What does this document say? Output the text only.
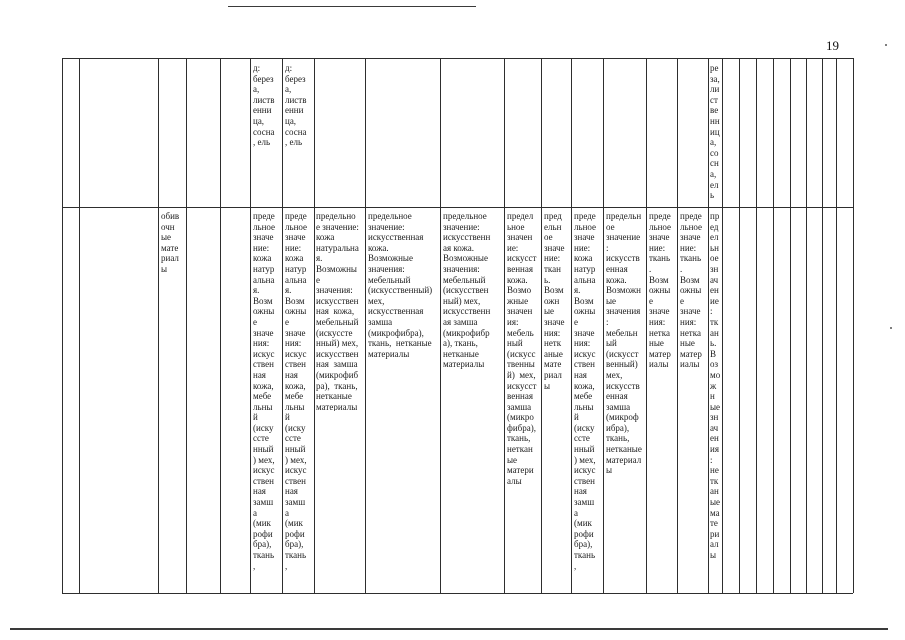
19
д:
берез
а,
листв
енни
ца,
сосна
, ель
д:
берез
а,
листв
енни
ца,
сосна
, ель
ре
за,
ли
ст
ве
нн
иц
а,
со
сн
а,
ел
ь
обив
очн
ые
мате
риал
ы
преде
льное
значе
ние:
кожа
натур
альна
я.
Возм
ожны
е
значе
ния:
искус
ствен
ная
кожа,
мебе
льны
й
(иску
ссте
нный
) мех,
искус
ствен
ная
замш
а
(мик
рофи
бра),
ткань
,
преде
льное
значе
ние:
кожа
натур
альна
я.
Возм
ожны
е
значе
ния:
искус
ствен
ная
кожа,
мебе
льны
й
(иску
ссте
нный
) мех,
искус
ствен
ная
замш
а
(мик
рофи
бра),
ткань
,
предельно
е значение:
кожа
натуральна
я.
Возможны
е
значения:
искусствен
ная  кожа,
мебельный
(искуссте
нный) мех,
искусствен
ная  замша
(микрофиб
ра),  ткань,
нетканые
материалы
предельное
значение:
искусственная
кожа.
Возможные
значения:
мебельный
(искусственный)
мех,
искусственная
замша
(микрофибра),
ткань,  нетканые
материалы
предельное
значение:
искусственн
ая кожа.
Возможные
значения:
мебельный
(искусствен
ный) мех,
искусственн
ая замша
(микрофибр
а), ткань,
нетканые
материалы
предел
ьное
значен
ие:
искусст
венная
кожа.
Возмо
жные
значен
ия:
мебель
ный
(искусс
твенны
й)  мех,
искусст
венная
замша
(микро
фибра),
ткань,
неткан
ые
матери
алы
пред
ельн
ое
значе
ние:
ткан
ь.
Возм
ожн
ые
значе
ния:
нетк
аные
мате
риал
ы
преде
льное
значе
ние:
кожа
натур
альна
я.
Возм
ожны
е
значе
ния:
искус
ствен
ная
кожа,
мебе
льны
й
(иску
ссте
нный
) мех,
искус
ствен
ная
замш
а
(мик
рофи
бра),
ткань
,
предельн
ое
значение
:
искусств
енная
кожа.
Возможн
ые
значения
:
мебельн
ый
(искусст
венный)
мех,
искусств
енная
замша
(микроф
ибра),
ткань,
нетканые
материал
ы
преде
льное
значе
ние:
ткань
.
Возм
ожны
е
значе
ния:
нетка
ные
матер
иалы
преде
льное
значе
ние:
ткань
.
Возм
ожны
е
значе
ния:
нетка
ные
матер
иалы
пр
ед
ел
ьн
ое
зн
ач
ен
ие
:
тк
ан
ь.
В
оз
мо
ж
н
ые
зн
ач
ен
ия
:
не
тк
ан
ые
ма
те
ри
ал
ы
